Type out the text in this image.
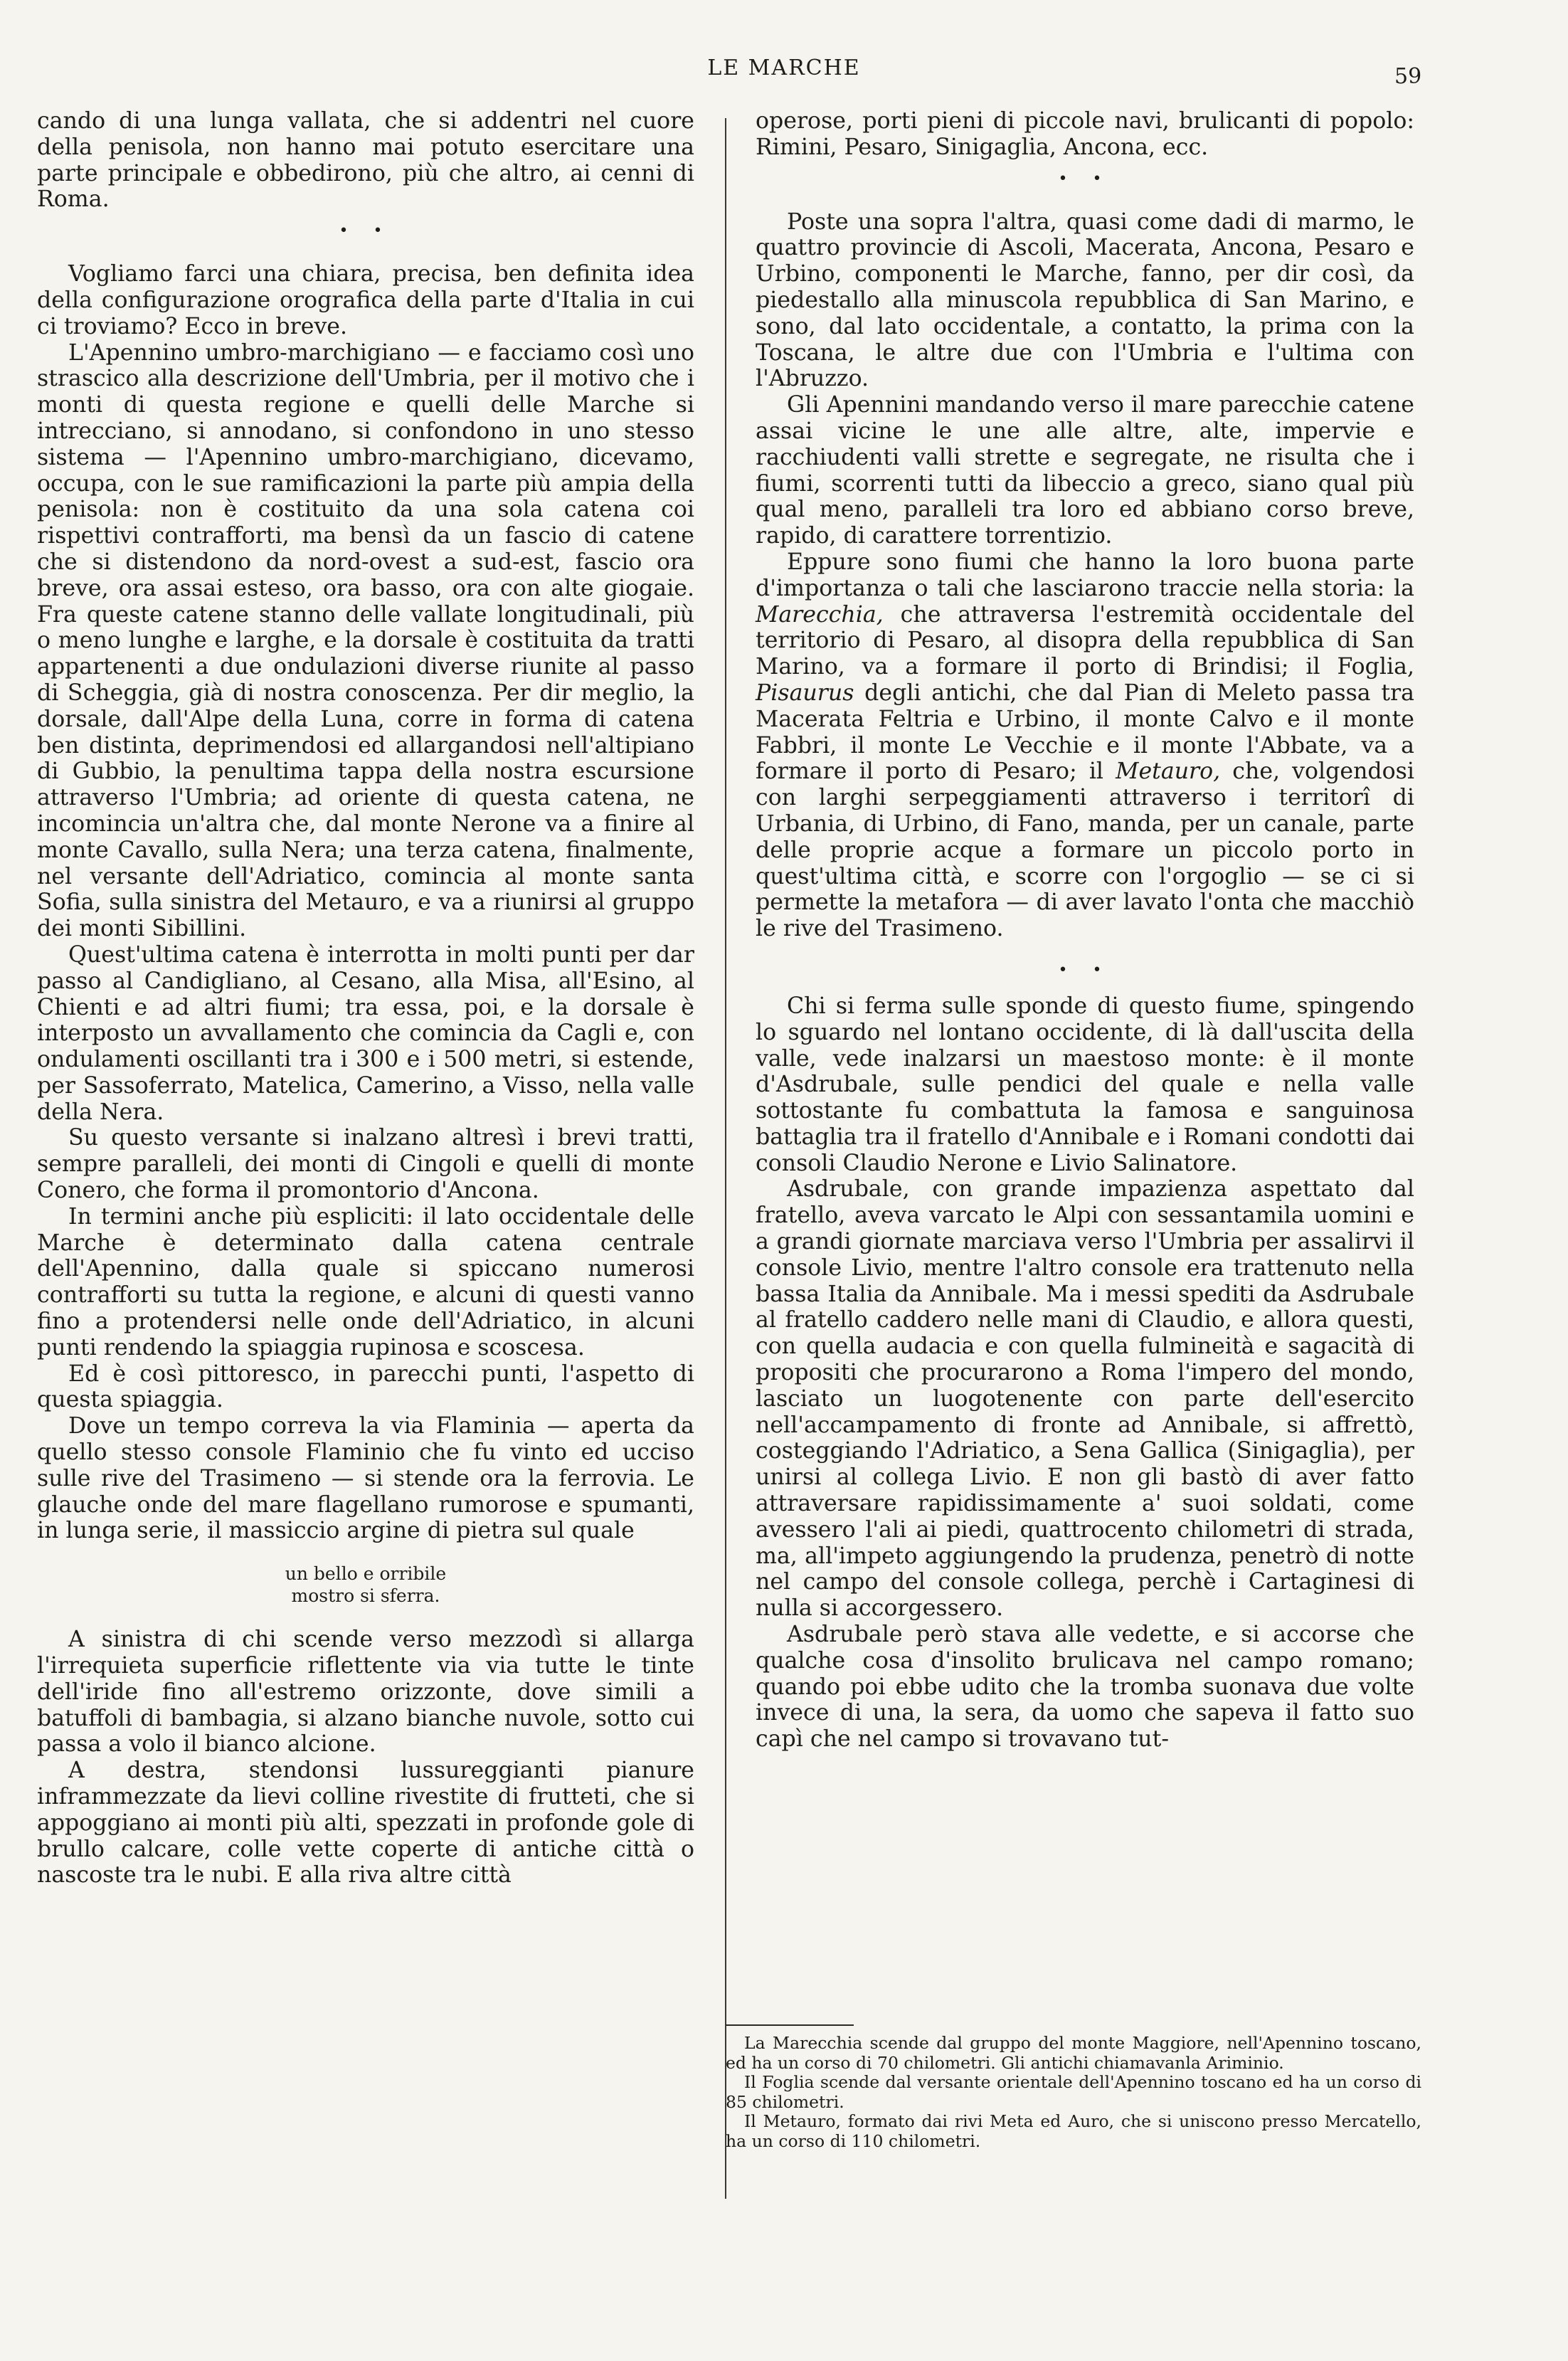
LE MARCHE	59

cando di una lunga vallata, che si addentri nel cuore della penisola, non hanno mai potuto esercitare una parte principale e obbedirono, più che altro, ai cenni di Roma.

• •

Vogliamo farci una chiara, precisa, ben definita idea della configurazione orografica della parte d'Italia in cui ci troviamo? Ecco in breve.

L'Apennino umbro-marchigiano — e facciamo così uno strascico alla descrizione dell'Umbria, per il motivo che i monti di questa regione e quelli delle Marche si intrecciano, si annodano, si confondono in uno stesso sistema — l'Apennino umbro-marchigiano, dicevamo, occupa, con le sue ramificazioni la parte più ampia della penisola: non è costituito da una sola catena coi rispettivi contrafforti, ma bensì da un fascio di catene che si distendono da nord-ovest a sud-est, fascio ora breve, ora assai esteso, ora basso, ora con alte giogaie. Fra queste catene stanno delle vallate longitudinali, più o meno lunghe e larghe, e la dorsale è costituita da tratti appartenenti a due ondulazioni diverse riunite al passo di Scheggia, già di nostra conoscenza. Per dir meglio, la dorsale, dall'Alpe della Luna, corre in forma di catena ben distinta, deprimendosi ed allargandosi nell'altipiano di Gubbio, la penultima tappa della nostra escursione attraverso l'Umbria; ad oriente di questa catena, ne incomincia un'altra che, dal monte Nerone va a finire al monte Cavallo, sulla Nera; una terza catena, finalmente, nel versante dell'Adriatico, comincia al monte santa Sofia, sulla sinistra del Metauro, e va a riunirsi al gruppo dei monti Sibillini.

Quest'ultima catena è interrotta in molti punti per dar passo al Candigliano, al Cesano, alla Misa, all'Esino, al Chienti e ad altri fiumi; tra essa, poi, e la dorsale è interposto un avvallamento che comincia da Cagli e, con ondulamenti oscillanti tra i 300 e i 500 metri, si estende, per Sassoferrato, Matelica, Camerino, a Visso, nella valle della Nera.

Su questo versante si inalzano altresì i brevi tratti, sempre paralleli, dei monti di Cingoli e quelli di monte Conero, che forma il promontorio d'Ancona.

In termini anche più espliciti: il lato occidentale delle Marche è determinato dalla catena centrale dell'Apennino, dalla quale si spiccano numerosi contrafforti su tutta la regione, e alcuni di questi vanno fino a protendersi nelle onde dell'Adriatico, in alcuni punti rendendo la spiaggia rupinosa e scoscesa.

Ed è così pittoresco, in parecchi punti, l'aspetto di questa spiaggia.

Dove un tempo correva la via Flaminia — aperta da quello stesso console Flaminio che fu vinto ed ucciso sulle rive del Trasimeno — si stende ora la ferrovia. Le glauche onde del mare flagellano rumorose e spumanti, in lunga serie, il massiccio argine di pietra sul quale

un bello e orribile
mostro si sferra.

A sinistra di chi scende verso mezzodì si allarga l'irrequieta superficie riflettente via via tutte le tinte dell'iride fino all'estremo orizzonte, dove simili a batuffoli di bambagia, si alzano bianche nuvole, sotto cui passa a volo il bianco alcione.

A destra, stendonsi lussureggianti pianure inframmezzate da lievi colline rivestite di frutteti, che si appoggiano ai monti più alti, spezzati in profonde gole di brullo calcare, colle vette coperte di antiche città o nascoste tra le nubi. E alla riva altre città

operose, porti pieni di piccole navi, brulicanti di popolo: Rimini, Pesaro, Sinigaglia, Ancona, ecc.

• •

Poste una sopra l'altra, quasi come dadi di marmo, le quattro provincie di Ascoli, Macerata, Ancona, Pesaro e Urbino, componenti le Marche, fanno, per dir così, da piedestallo alla minuscola repubblica di San Marino, e sono, dal lato occidentale, a contatto, la prima con la Toscana, le altre due con l'Umbria e l'ultima con l'Abruzzo.

Gli Apennini mandando verso il mare parecchie catene assai vicine le une alle altre, alte, impervie e racchiudenti valli strette e segregate, ne risulta che i fiumi, scorrenti tutti da libeccio a greco, siano qual più qual meno, paralleli tra loro ed abbiano corso breve, rapido, di carattere torrentizio.

Eppure sono fiumi che hanno la loro buona parte d'importanza o tali che lasciarono traccie nella storia: la Marecchia, che attraversa l'estremità occidentale del territorio di Pesaro, al disopra della repubblica di San Marino, va a formare il porto di Brindisi; il Foglia, Pisaurus degli antichi, che dal Pian di Meleto passa tra Macerata Feltria e Urbino, il monte Calvo e il monte Fabbri, il monte Le Vecchie e il monte l'Abbate, va a formare il porto di Pesaro; il Metauro, che, volgendosi con larghi serpeggiamenti attraverso i territorî di Urbania, di Urbino, di Fano, manda, per un canale, parte delle proprie acque a formare un piccolo porto in quest'ultima città, e scorre con l'orgoglio — se ci si permette la metafora — di aver lavato l'onta che macchiò le rive del Trasimeno.

• •

Chi si ferma sulle sponde di questo fiume, spingendo lo sguardo nel lontano occidente, di là dall'uscita della valle, vede inalzarsi un maestoso monte: è il monte d'Asdrubale, sulle pendici del quale e nella valle sottostante fu combattuta la famosa e sanguinosa battaglia tra il fratello d'Annibale e i Romani condotti dai consoli Claudio Nerone e Livio Salinatore.

Asdrubale, con grande impazienza aspettato dal fratello, aveva varcato le Alpi con sessantamila uomini e a grandi giornate marciava verso l'Umbria per assalirvi il console Livio, mentre l'altro console era trattenuto nella bassa Italia da Annibale. Ma i messi spediti da Asdrubale al fratello caddero nelle mani di Claudio, e allora questi, con quella audacia e con quella fulmineità e sagacità di propositi che procurarono a Roma l'impero del mondo, lasciato un luogotenente con parte dell'esercito nell'accampamento di fronte ad Annibale, si affrettò, costeggiando l'Adriatico, a Sena Gallica (Sinigaglia), per unirsi al collega Livio. E non gli bastò di aver fatto attraversare rapidissimamente a' suoi soldati, come avessero l'ali ai piedi, quattrocento chilometri di strada, ma, all'impeto aggiungendo la prudenza, penetrò di notte nel campo del console collega, perchè i Cartaginesi di nulla si accorgessero.

Asdrubale però stava alle vedette, e si accorse che qualche cosa d'insolito brulicava nel campo romano; quando poi ebbe udito che la tromba suonava due volte invece di una, la sera, da uomo che sapeva il fatto suo capì che nel campo si trovavano tut-

La Marecchia scende dal gruppo del monte Maggiore, nell'Apennino toscano, ed ha un corso di 70 chilometri. Gli antichi chiamavanla Ariminio.

Il Foglia scende dal versante orientale dell'Apennino toscano ed ha un corso di 85 chilometri.

Il Metauro, formato dai rivi Meta ed Auro, che si uniscono presso Mercatello, ha un corso di 110 chilometri.
